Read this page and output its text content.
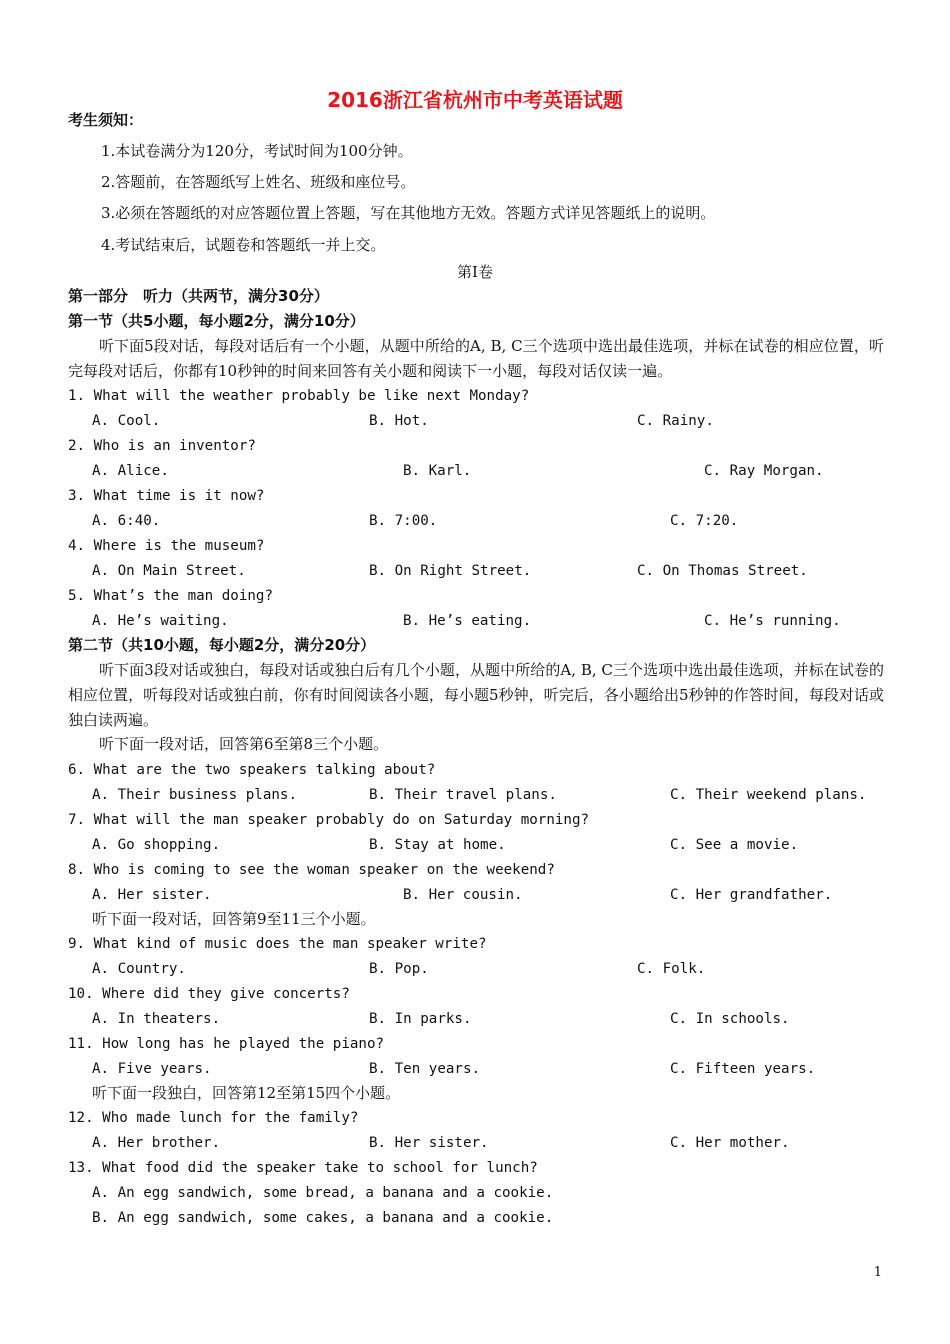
2016浙江省杭州市中考英语试题
考生须知：
1.本试卷满分为120分，考试时间为100分钟。
2.答题前，在答题纸写上姓名、班级和座位号。
3.必须在答题纸的对应答题位置上答题，写在其他地方无效。答题方式详见答题纸上的说明。
4.考试结束后，试题卷和答题纸一并上交。
第Ⅰ卷
第一部分　听力（共两节，满分30分）
第一节（共5小题，每小题2分，满分10分）
听下面5段对话，每段对话后有一个小题，从题中所给的A, B, C三个选项中选出最佳选项，并标在试卷的相应位置，听完每段对话后，你都有10秒钟的时间来回答有关小题和阅读下一小题，每段对话仅读一遍。
1. What will the weather probably be like next Monday?
A. Cool.	B. Hot.	C. Rainy.
2. Who is an inventor?
A. Alice.	B. Karl.	C. Ray Morgan.
3. What time is it now?
A. 6:40.	B. 7:00.	C. 7:20.
4. Where is the museum?
A. On Main Street.	B. On Right Street.	C. On Thomas Street.
5. What’s the man doing?
A. He’s waiting.	B. He’s eating.	C. He’s running.
第二节（共10小题，每小题2分，满分20分）
听下面3段对话或独白，每段对话或独白后有几个小题，从题中所给的A, B, C三个选项中选出最佳选项，并标在试卷的相应位置，听每段对话或独白前，你有时间阅读各小题，每小题5秒钟，听完后，各小题给出5秒钟的作答时间，每段对话或独白读两遍。
听下面一段对话，回答第6至第8三个小题。
6. What are the two speakers talking about?
A. Their business plans.	B. Their travel plans.	C. Their weekend plans.
7. What will the man speaker probably do on Saturday morning?
A. Go shopping.	B. Stay at home.	C. See a movie.
8. Who is coming to see the woman speaker on the weekend?
A. Her sister.	B. Her cousin.	C. Her grandfather.
听下面一段对话，回答第9至11三个小题。
9. What kind of music does the man speaker write?
A. Country.	B. Pop.	C. Folk.
10. Where did they give concerts?
A. In theaters.	B. In parks.	C. In schools.
11. How long has he played the piano?
A. Five years.	B. Ten years.	C. Fifteen years.
听下面一段独白，回答第12至第15四个小题。
12. Who made lunch for the family?
A. Her brother.	B. Her sister.	C. Her mother.
13. What food did the speaker take to school for lunch?
A. An egg sandwich, some bread, a banana and a cookie.
B. An egg sandwich, some cakes, a banana and a cookie.
1
